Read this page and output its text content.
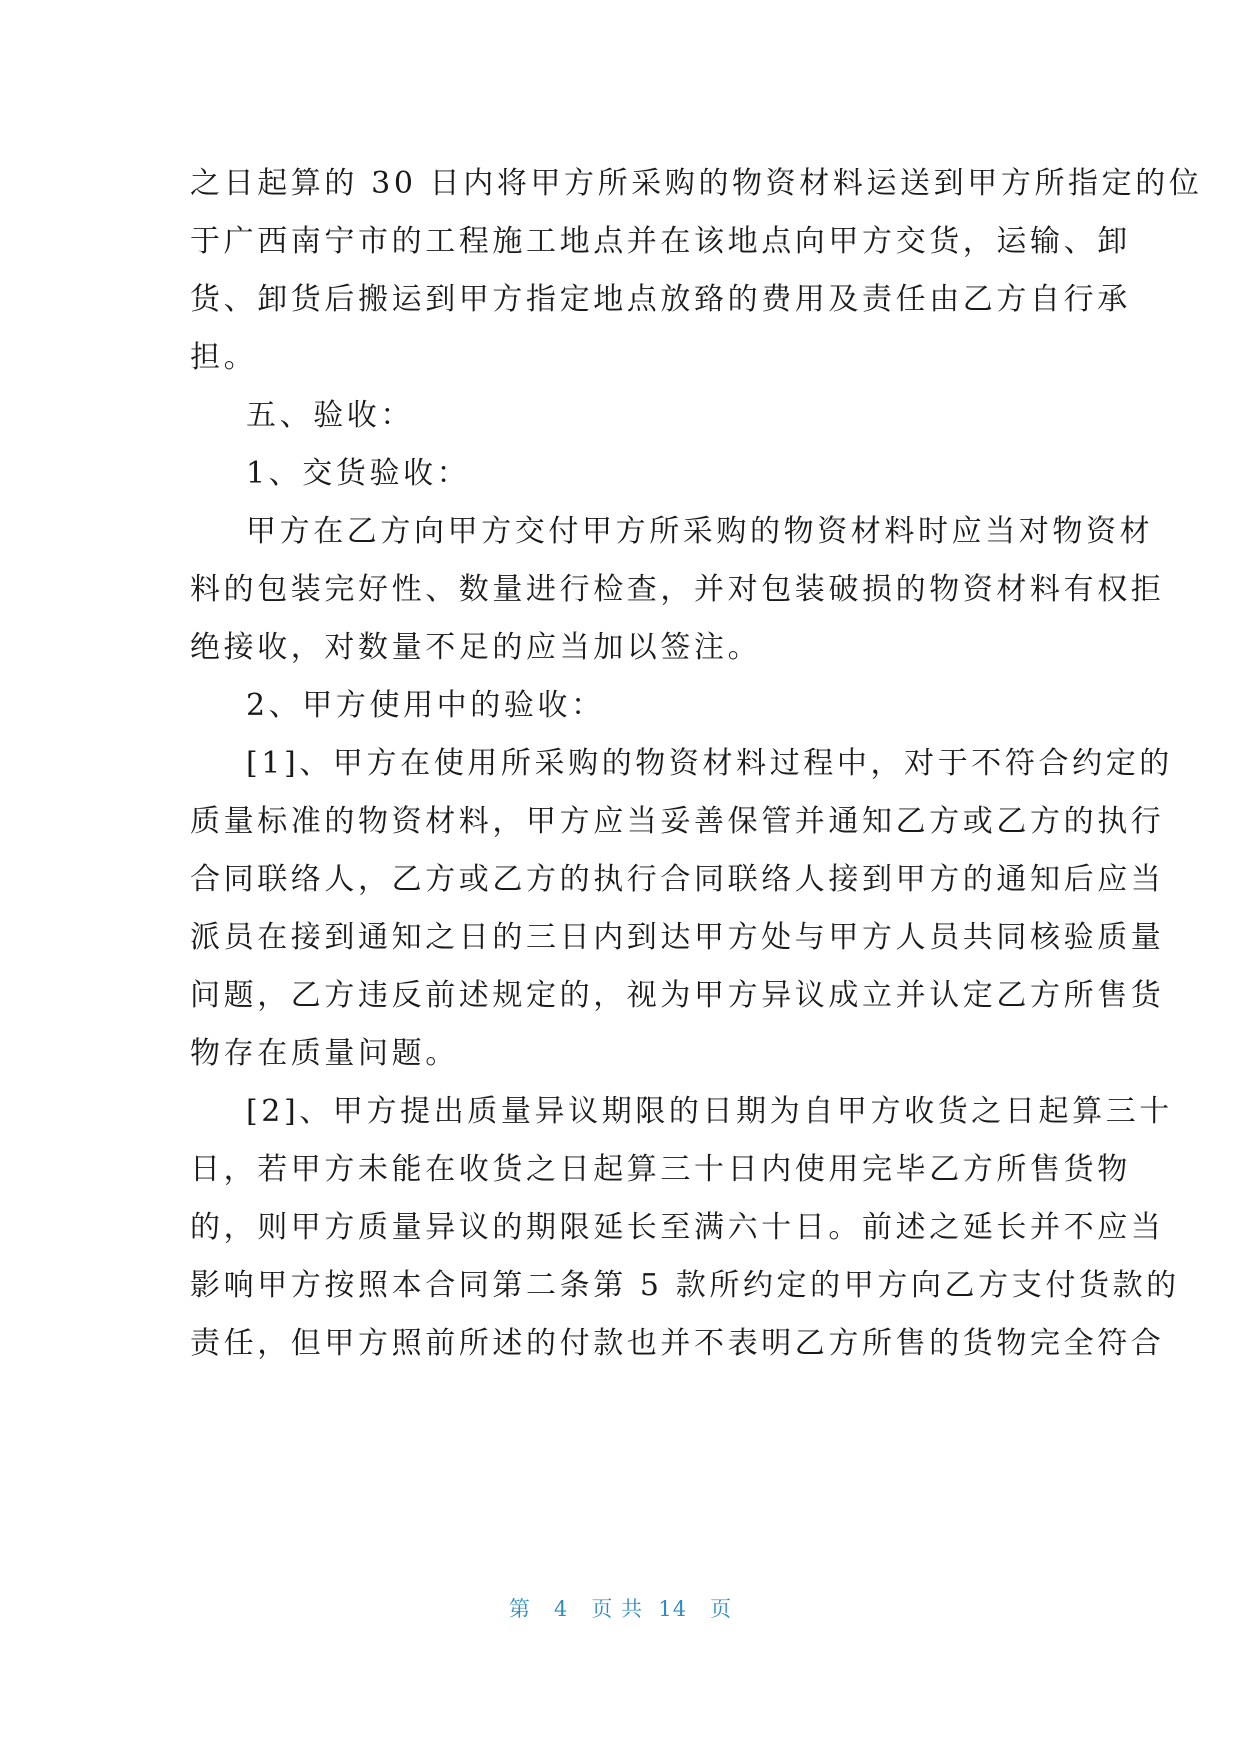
之日起算的 30 日内将甲方所采购的物资材料运送到甲方所指定的位
于广西南宁市的工程施工地点并在该地点向甲方交货，运输、卸
货、卸货后搬运到甲方指定地点放臵的费用及责任由乙方自行承
担。
五、验收：
1、交货验收：
甲方在乙方向甲方交付甲方所采购的物资材料时应当对物资材
料的包装完好性、数量进行检查，并对包装破损的物资材料有权拒
绝接收，对数量不足的应当加以签注。
2、甲方使用中的验收：
[1]、甲方在使用所采购的物资材料过程中，对于不符合约定的
质量标准的物资材料，甲方应当妥善保管并通知乙方或乙方的执行
合同联络人，乙方或乙方的执行合同联络人接到甲方的通知后应当
派员在接到通知之日的三日内到达甲方处与甲方人员共同核验质量
问题，乙方违反前述规定的，视为甲方异议成立并认定乙方所售货
物存在质量问题。
[2]、甲方提出质量异议期限的日期为自甲方收货之日起算三十
日，若甲方未能在收货之日起算三十日内使用完毕乙方所售货物
的，则甲方质量异议的期限延长至满六十日。前述之延长并不应当
影响甲方按照本合同第二条第 5 款所约定的甲方向乙方支付货款的
责任，但甲方照前所述的付款也并不表明乙方所售的货物完全符合
第 4 页 共 14 页
